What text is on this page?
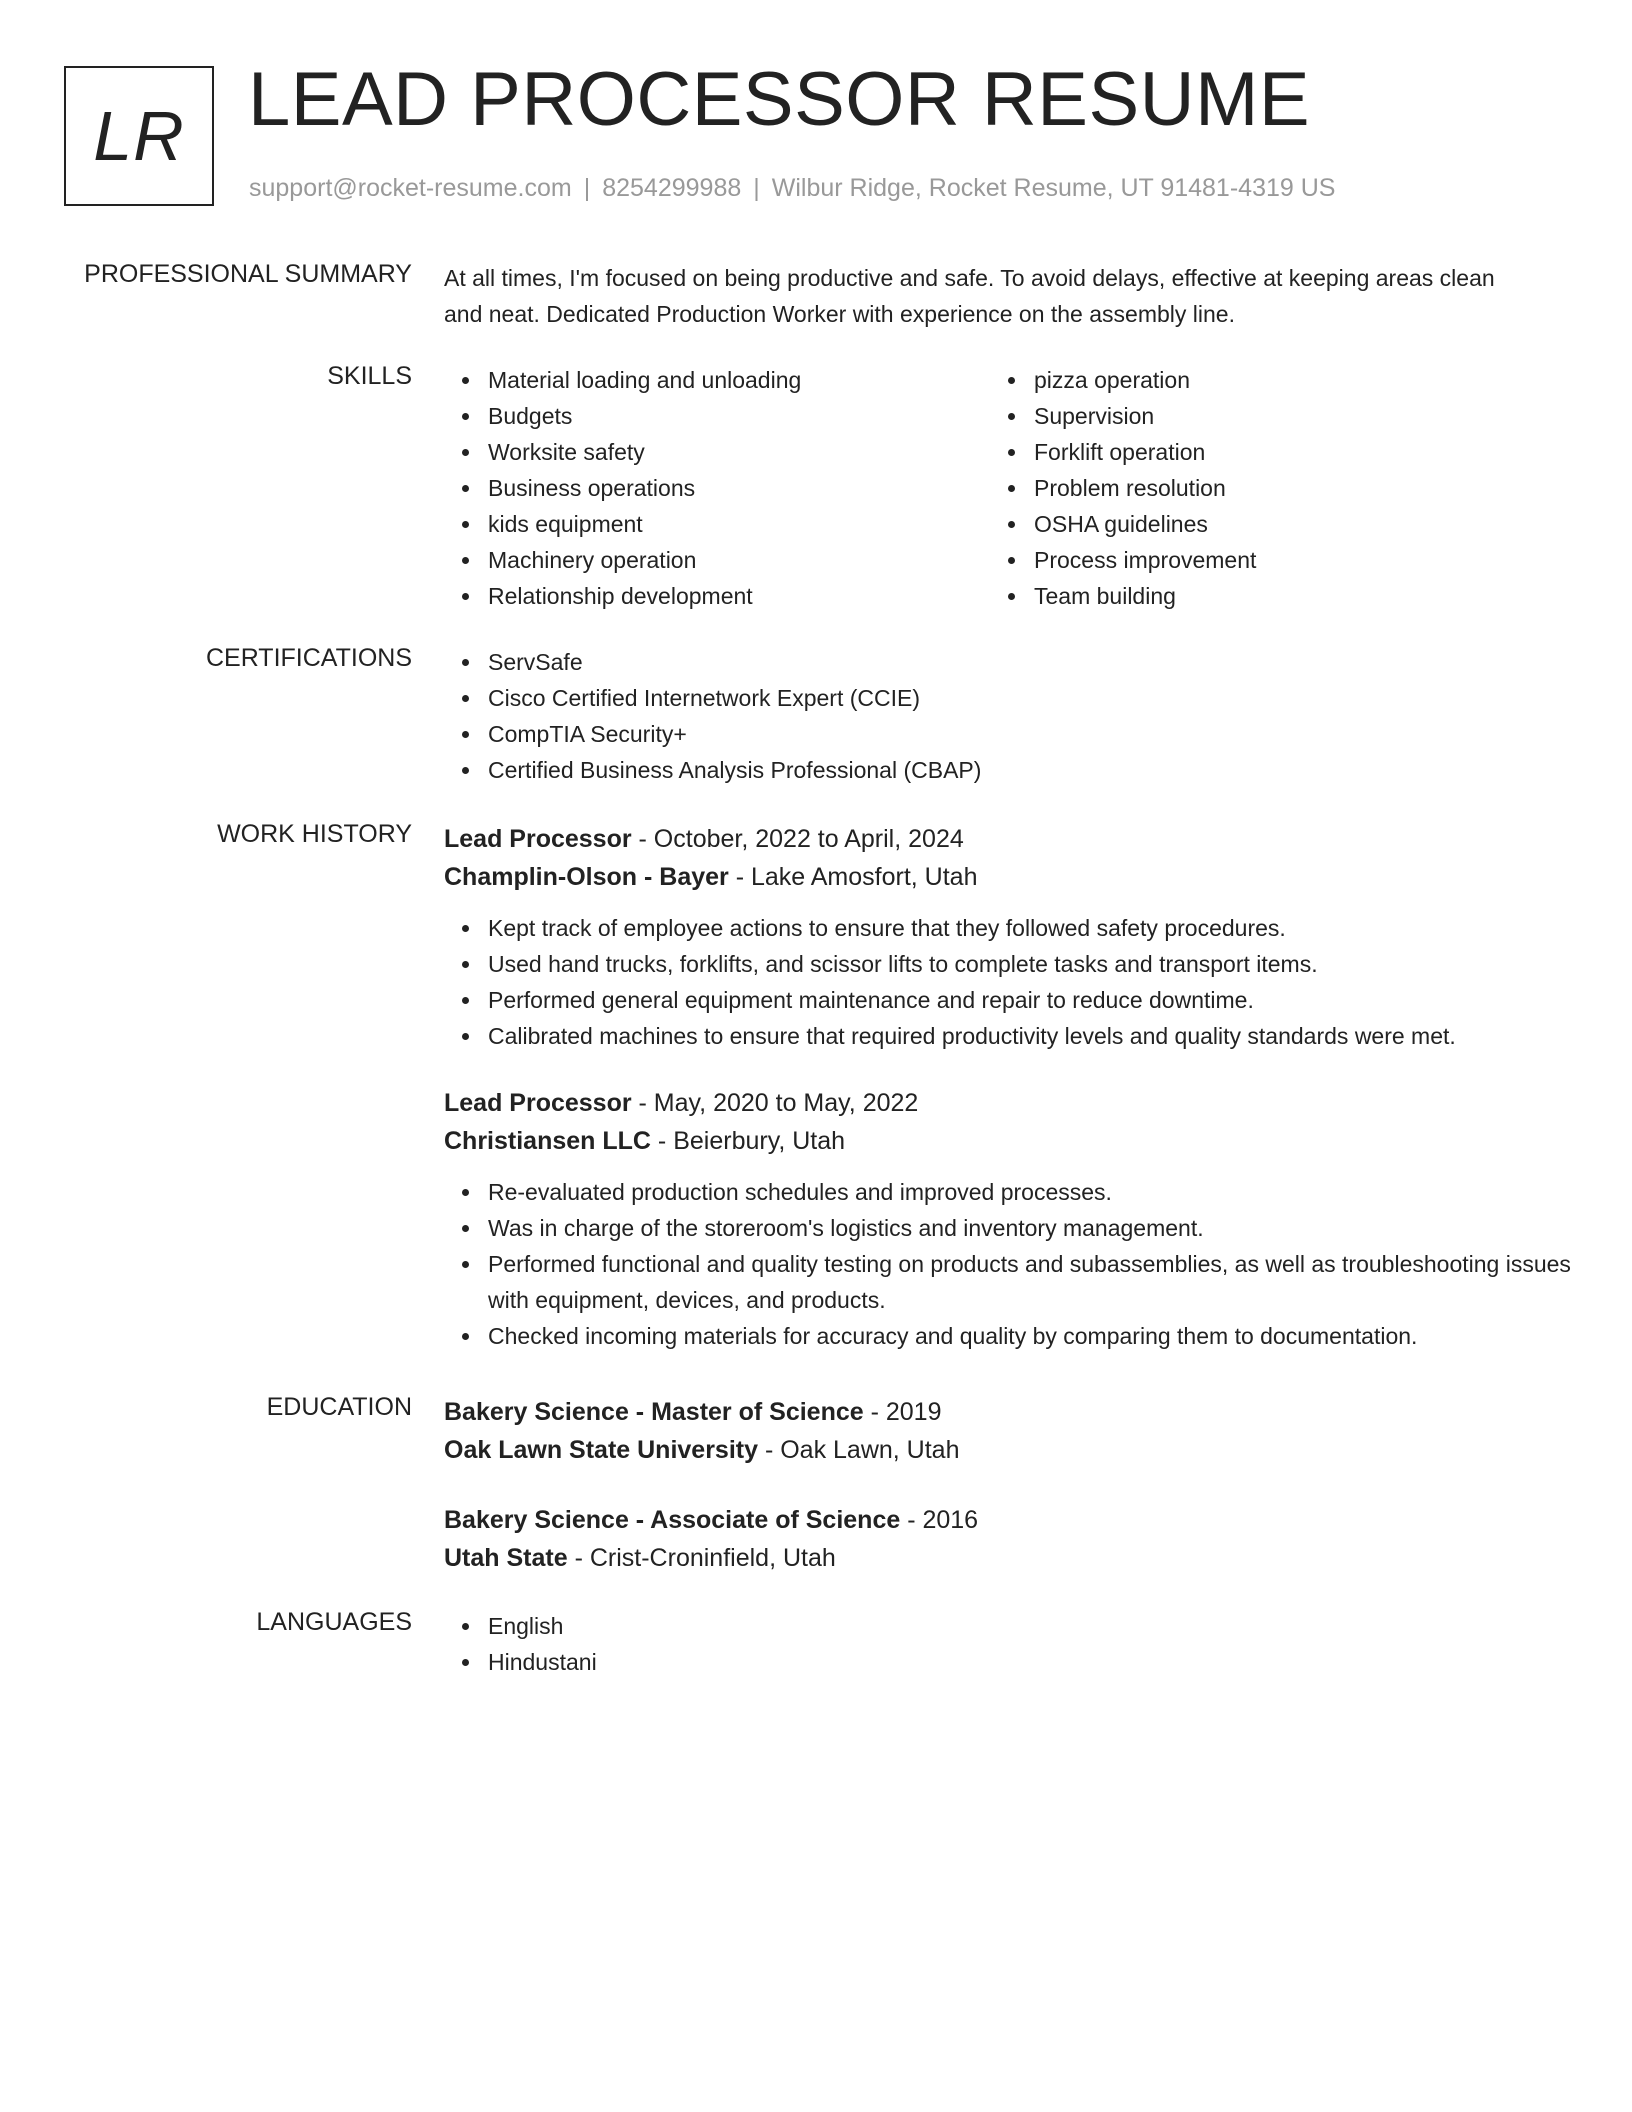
LR LEAD PROCESSOR RESUME
support@rocket-resume.com | 8254299988 | Wilbur Ridge, Rocket Resume, UT 91481-4319 US
PROFESSIONAL SUMMARY At all times, I'm focused on being productive and safe. To avoid delays, effective at keeping areas clean and neat. Dedicated Production Worker with experience on the assembly line.
SKILLS	Material loading and unloading
Budgets
Worksite safety
Business operations
kids equipment
Machinery operation
Relationship development
pizza operation
Supervision
Forklift operation
Problem resolution
OSHA guidelines
Process improvement
Team building
CERTIFICATIONS	ServSafe
Cisco Certified Internetwork Expert (CCIE)
CompTIA Security+
Certified Business Analysis Professional (CBAP)
WORK HISTORY Lead Processor - October, 2022 to April, 2024
Champlin-Olson - Bayer - Lake Amosfort, Utah
Kept track of employee actions to ensure that they followed safety procedures.
Used hand trucks, forklifts, and scissor lifts to complete tasks and transport items.
Performed general equipment maintenance and repair to reduce downtime.
Calibrated machines to ensure that required productivity levels and quality standards were met.
Lead Processor - May, 2020 to May, 2022
Christiansen LLC - Beierbury, Utah
Re-evaluated production schedules and improved processes.
Was in charge of the storeroom's logistics and inventory management.
Performed functional and quality testing on products and subassemblies, as well as troubleshooting issues with equipment, devices, and products.
Checked incoming materials for accuracy and quality by comparing them to documentation.
EDUCATION Bakery Science - Master of Science - 2019
Oak Lawn State University - Oak Lawn, Utah
Bakery Science - Associate of Science - 2016
Utah State - Crist-Croninfield, Utah
LANGUAGES	English
Hindustani
